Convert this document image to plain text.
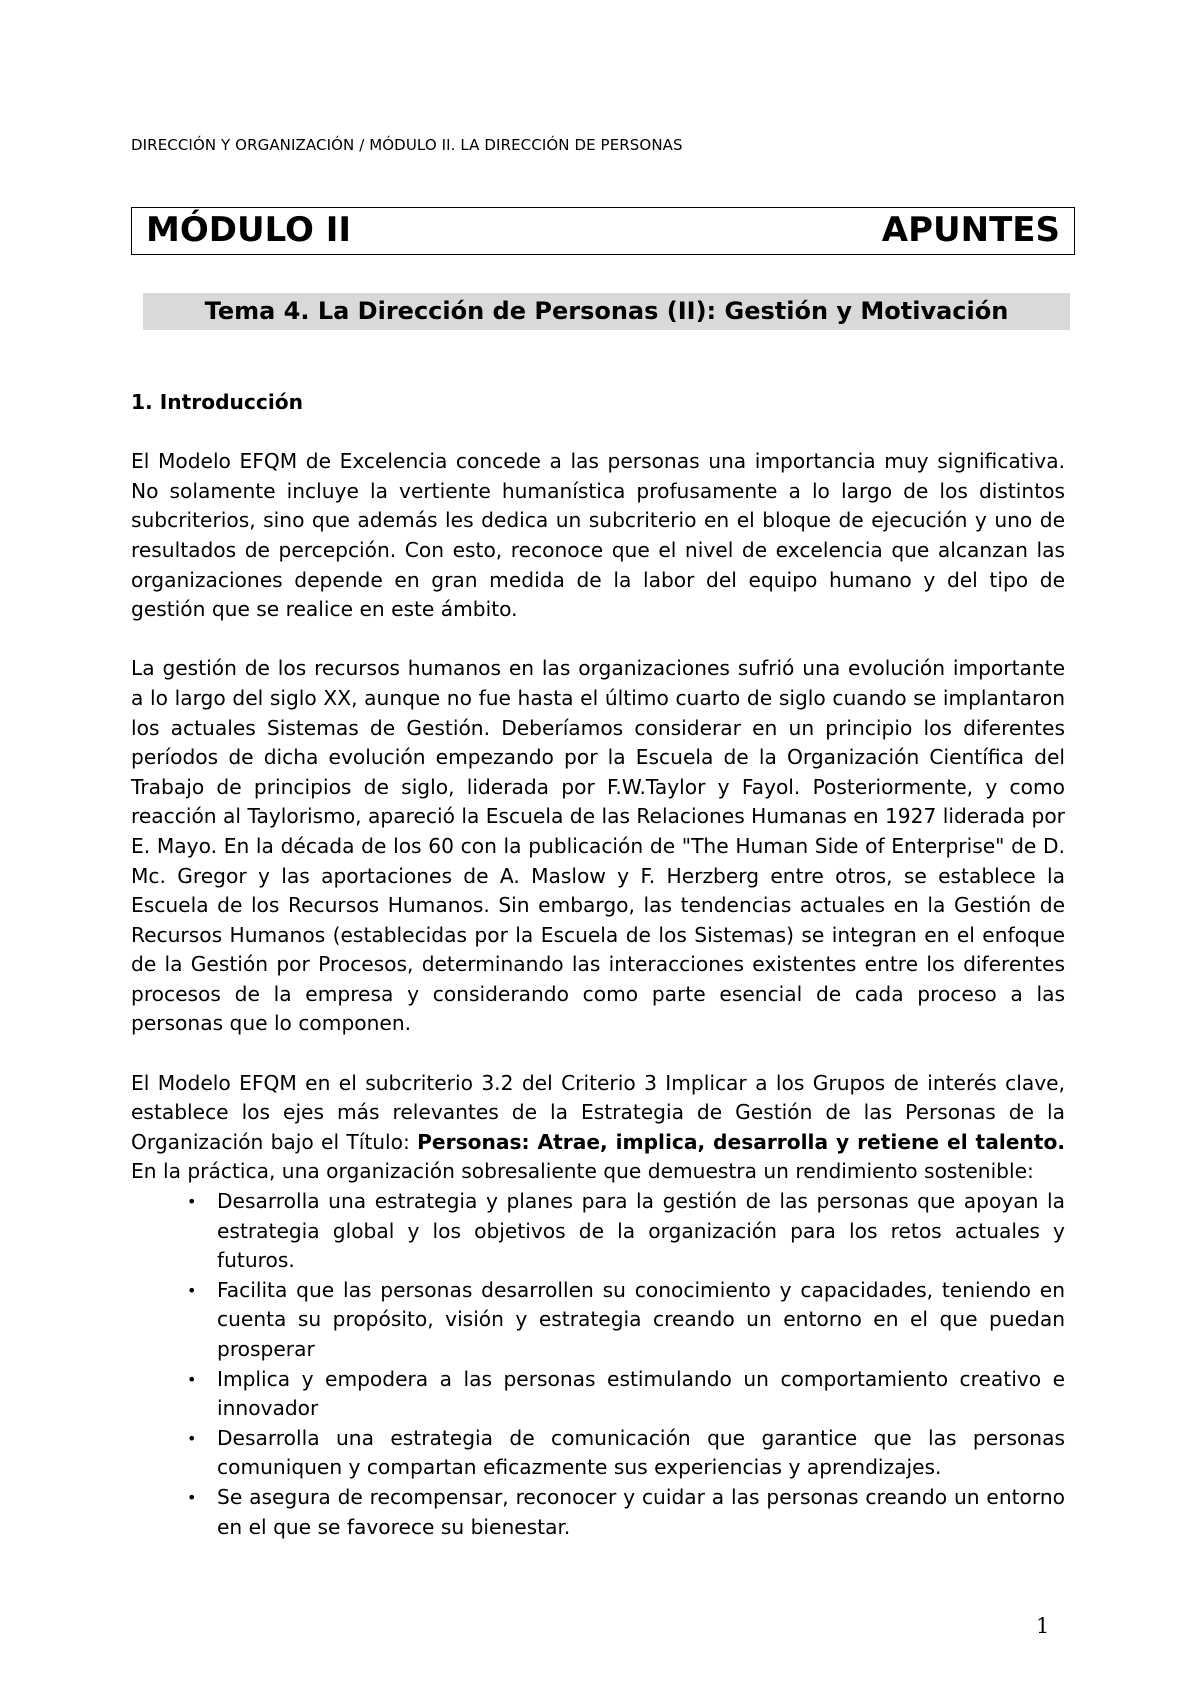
DIRECCIÓN Y ORGANIZACIÓN / MÓDULO II. LA DIRECCIÓN DE PERSONAS
MÓDULO II	APUNTES
Tema 4. La Dirección de Personas (II): Gestión y Motivación
1. Introducción

El Modelo EFQM de Excelencia concede a las personas una importancia muy significativa. No solamente incluye la vertiente humanística profusamente a lo largo de los distintos subcriterios, sino que además les dedica un subcriterio en el bloque de ejecución y uno de resultados de percepción. Con esto, reconoce que el nivel de excelencia que alcanzan las organizaciones depende en gran medida de la labor del equipo humano y del tipo de gestión que se realice en este ámbito.

La gestión de los recursos humanos en las organizaciones sufrió una evolución importante a lo largo del siglo XX, aunque no fue hasta el último cuarto de siglo cuando se implantaron los actuales Sistemas de Gestión. Deberíamos considerar en un principio los diferentes períodos de dicha evolución empezando por la Escuela de la Organización Científica del Trabajo de principios de siglo, liderada por F.W.Taylor y Fayol. Posteriormente, y como reacción al Taylorismo, apareció la Escuela de las Relaciones Humanas en 1927 liderada por E. Mayo. En la década de los 60 con la publicación de "The Human Side of Enterprise" de D. Mc. Gregor y las aportaciones de A. Maslow y F. Herzberg entre otros, se establece la Escuela de los Recursos Humanos. Sin embargo, las tendencias actuales en la Gestión de Recursos Humanos (establecidas por la Escuela de los Sistemas) se integran en el enfoque de la Gestión por Procesos, determinando las interacciones existentes entre los diferentes procesos de la empresa y considerando como parte esencial de cada proceso a las personas que lo componen.

El Modelo EFQM en el subcriterio 3.2 del Criterio 3 Implicar a los Grupos de interés clave, establece los ejes más relevantes de la Estrategia de Gestión de las Personas de la Organización bajo el Título: Personas: Atrae, implica, desarrolla y retiene el talento. En la práctica, una organización sobresaliente que demuestra un rendimiento sostenible:

• Desarrolla una estrategia y planes para la gestión de las personas que apoyan la estrategia global y los objetivos de la organización para los retos actuales y futuros.
• Facilita que las personas desarrollen su conocimiento y capacidades, teniendo en cuenta su propósito, visión y estrategia creando un entorno en el que puedan prosperar
• Implica y empodera a las personas estimulando un comportamiento creativo e innovador
• Desarrolla una estrategia de comunicación que garantice que las personas comuniquen y compartan eficazmente sus experiencias y aprendizajes.
• Se asegura de recompensar, reconocer y cuidar a las personas creando un entorno en el que se favorece su bienestar.
1
